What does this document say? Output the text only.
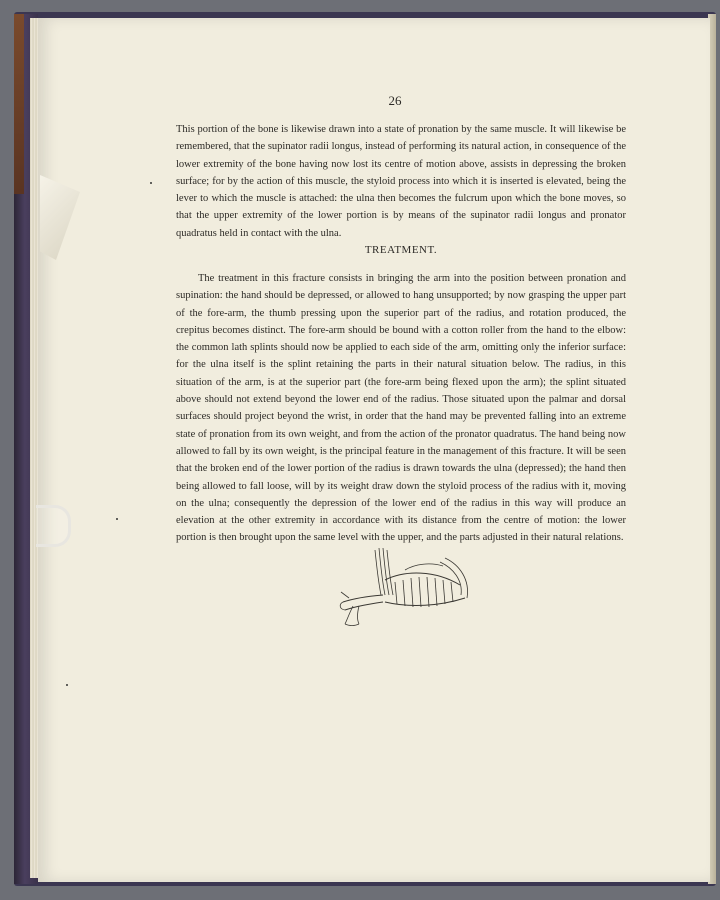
26

This portion of the bone is likewise drawn into a state of pronation by the same muscle. It will likewise be remembered, that the supinator radii longus, instead of performing its natural action, in consequence of the lower extremity of the bone having now lost its centre of motion above, assists in depressing the broken surface; for by the action of this muscle, the styloid process into which it is inserted is elevated, being the lever to which the muscle is attached: the ulna then becomes the fulcrum upon which the bone moves, so that the upper extremity of the lower portion is by means of the supinator radii longus and pronator quadratus held in contact with the ulna.

TREATMENT.

The treatment in this fracture consists in bringing the arm into the position between pronation and supination: the hand should be depressed, or allowed to hang unsupported; by now grasping the upper part of the fore-arm, the thumb pressing upon the superior part of the radius, and rotation produced, the crepitus becomes distinct. The fore-arm should be bound with a cotton roller from the hand to the elbow: the common lath splints should now be applied to each side of the arm, omitting only the inferior surface: for the ulna itself is the splint retaining the parts in their natural situation below. The radius, in this situation of the arm, is at the superior part (the fore-arm being flexed upon the arm); the splint situated above should not extend beyond the lower end of the radius. Those situated upon the palmar and dorsal surfaces should project beyond the wrist, in order that the hand may be prevented falling into an extreme state of pronation from its own weight, and from the action of the pronator quadratus. The hand being now allowed to fall by its own weight, is the principal feature in the management of this fracture. It will be seen that the broken end of the lower portion of the radius is drawn towards the ulna (depressed); the hand then being allowed to fall loose, will by its weight draw down the styloid process of the radius with it, moving on the ulna; consequently the depression of the lower end of the radius in this way will produce an elevation at the other extremity in accordance with its distance from the centre of motion: the lower portion is then brought upon the same level with the upper, and the parts adjusted in their natural relations.
